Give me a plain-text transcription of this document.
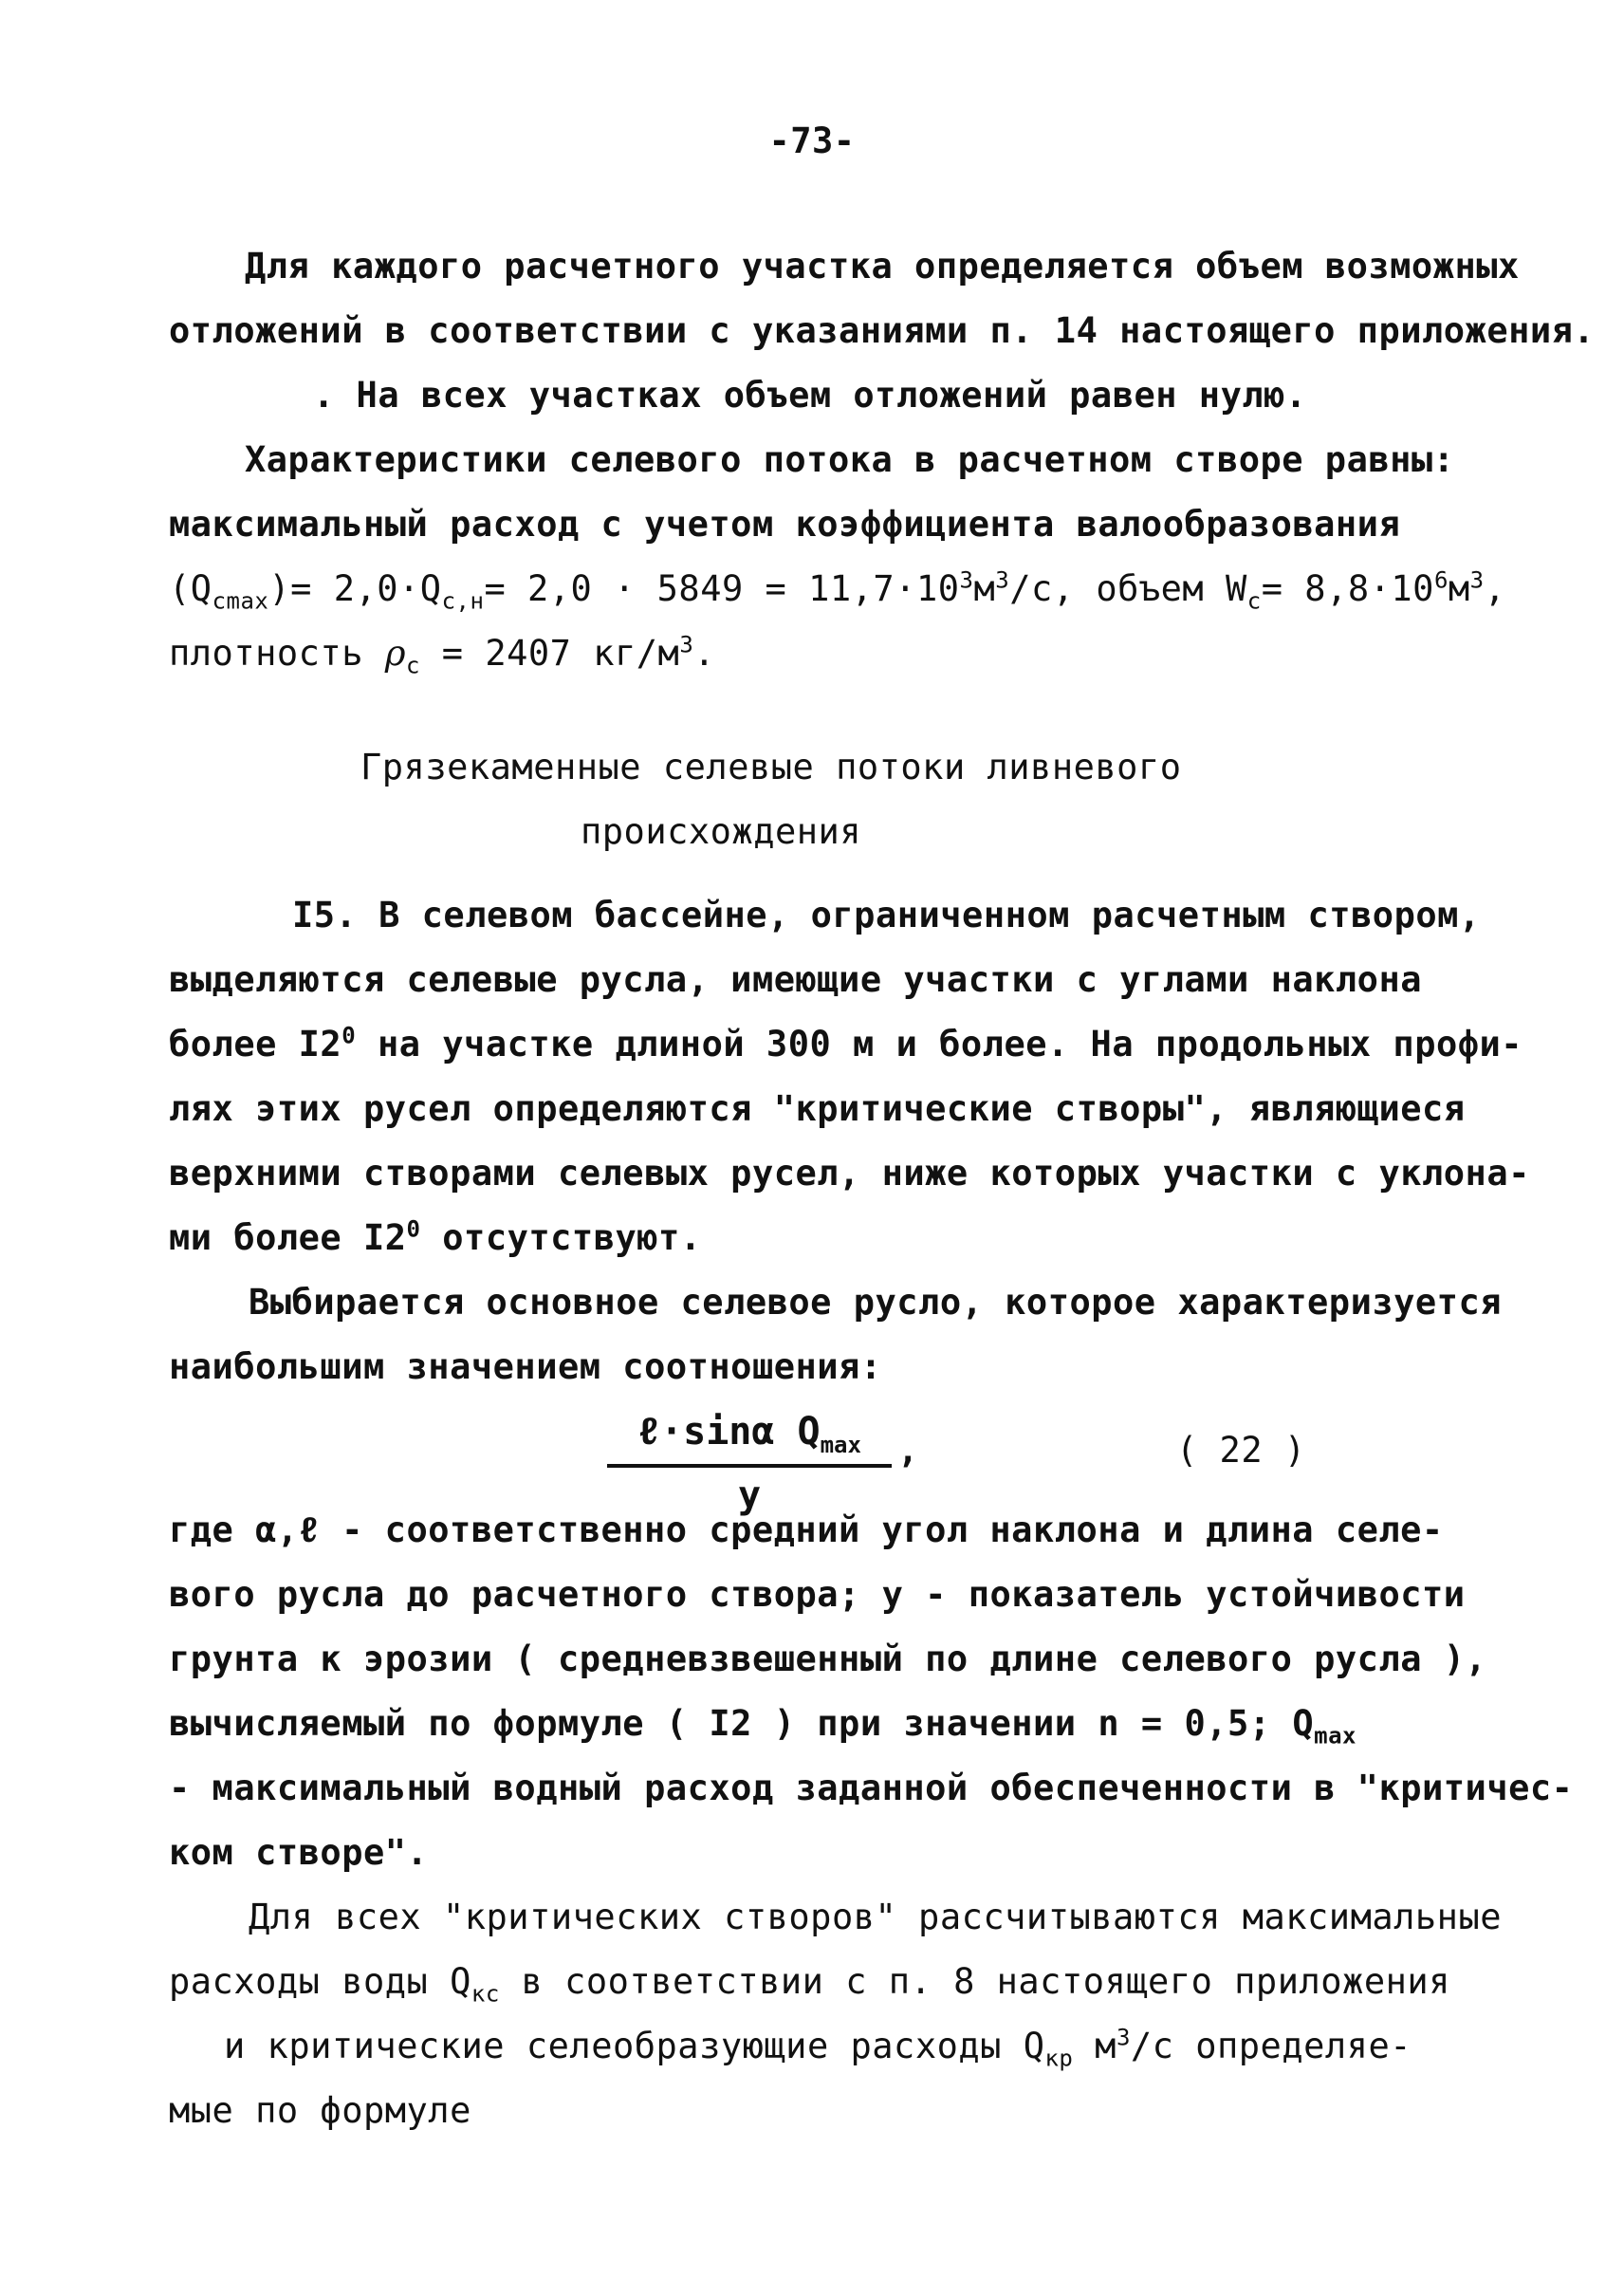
-73-
Для каждого расчетного участка определяется объем возможных
отложений в соответствии с указаниями п. 14 настоящего приложения.
. На всех участках объем отложений равен нулю.
Характеристики селевого потока в расчетном створе равны:
максимальный расход с учетом коэффициента валообразования
$(Q_{cmax})= 2,0\cdot Q_{с,н}= 2,0 \cdot 5849 = 11,7\cdot 10^3м^3/с$, объем $W_c= 8,8\cdot 10^6м^3$,
плотность $\rho_с = 2407$ $кг/м^3$.
Грязекаменные селевые потоки ливневого
происхождения
I5. В селевом бассейне, ограниченном расчетным створом,
выделяются селевые русла, имеющие участки с углами наклона
более $I2^0$ на участке длиной 300 м и более. На продольных профи-
лях этих русел определяются "критические створы", являющиеся
верхними створами селевых русел, ниже которых участки с уклона-
ми более $I2^0$ отсутствуют.
Выбирается основное селевое русло, которое характеризуется
наибольшим значением соотношения:
ℓ·sinα $Q_{max}$
y
,	( 22 )
где α,ℓ - соответственно средний угол наклона и длина селе-
вого русла до расчетного створа; y - показатель устойчивости
грунта к эрозии ( средневзвешенный по длине селевого русла ),
вычисляемый по формуле ( I2 ) при значении n = 0,5; $Q_{max}$
- максимальный водный расход заданной обеспеченности в "критичес-
ком створе".
Для всех "критических створов" рассчитываются максимальные
расходы воды $Q_{кс}$ в соответствии с п. 8 настоящего приложения
и критические селеобразующие расходы $Q_{кр}$ $м^3/с$ определяе-
мые по формуле
